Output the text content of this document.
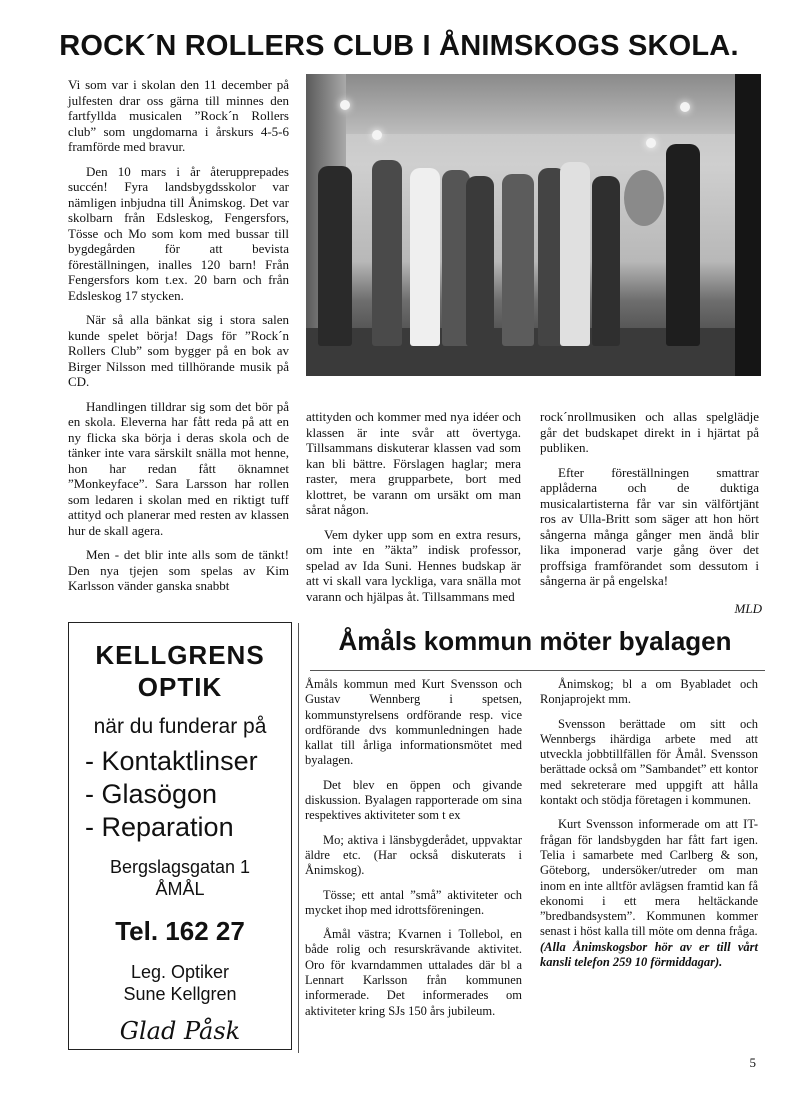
ROCK´N ROLLERS CLUB I ÅNIMSKOGS SKOLA.

Vi som var i skolan den 11 december på julfesten drar oss gärna till minnes den fartfyllda musicalen ”Rock´n Rollers club” som ungdomarna i årskurs 4-5-6 framförde med bravur.

Den 10 mars i år återupprepades succén! Fyra landsbygdsskolor var nämligen inbjudna till Ånimskog. Det var skolbarn från Edsleskog, Fengersfors, Tösse och Mo som kom med bussar till bygdegården för att bevista föreställningen, inalles 120 barn! Från Fengersfors kom t.ex. 20 barn och från Edsleskog 17 stycken.

När så alla bänkat sig i stora salen kunde spelet börja! Dags för ”Rock´n Rollers Club” som bygger på en bok av Birger Nilsson med tillhörande musik på CD.

Handlingen tilldrar sig som det bör på en skola. Eleverna har fått reda på att en ny flicka ska börja i deras skola och de tänker inte vara särskilt snälla mot henne, hon har redan fått öknamnet ”Monkeyface”. Sara Larsson har rollen som ledaren i skolan med en riktigt tuff attityd och planerar med resten av klassen hur de skall agera.

Men - det blir inte alls som de tänkt! Den nya tjejen som spelas av Kim Karlsson vänder ganska snabbt

attityden och kommer med nya idéer och klassen är inte svår att övertyga. Tillsammans diskuterar klassen vad som kan bli bättre. Förslagen haglar; mera raster, mera grupparbete, bort med klottret, be varann om ursäkt om man sårat någon.

Vem dyker upp som en extra resurs, om inte en ”äkta” indisk professor, spelad av Ida Suni. Hennes budskap är att vi skall vara lyckliga, vara snälla mot varann och hjälpas åt. Tillsammans med

rock´nrollmusiken och allas spelglädje går det budskapet direkt in i hjärtat på publiken.

Efter föreställningen smattrar applåderna och de duktiga musicalartisterna får var sin välförtjänt ros av Ulla-Britt som säger att hon hört sångerna många gånger men ändå blir lika imponerad varje gång över det proffsiga framförandet som dessutom i sångerna är på engelska!

MLD
KELLGRENS
OPTIK
när du funderar på
- Kontaktlinser
- Glasögon
- Reparation
Bergslagsgatan 1
ÅMÅL
Tel. 162 27
Leg. Optiker
Sune Kellgren
Glad Påsk
Åmåls kommun möter byalagen

Åmåls kommun med Kurt Svensson och Gustav Wennberg i spetsen, kommunstyrelsens ordförande resp. vice ordförande dvs kommunledningen hade kallat till årliga informationsmötet med byalagen.

Det blev en öppen och givande diskussion. Byalagen rapporterade om sina respektives aktiviteter som t ex

Mo; aktiva i länsbygderådet, uppvaktar äldre etc. (Har också diskuterats i Ånimskog).

Tösse; ett antal ”små” aktiviteter och mycket ihop med idrottsföreningen.

Åmål västra; Kvarnen i Tollebol, en både rolig och resurskrävande aktivitet. Oro för kvarndammen uttalades där bl a Lennart Karlsson från kommunen informerade. Det informerades om aktiviteter kring SJs 150 års jubileum.

Ånimskog; bl a om Byabladet och Ronjaprojekt mm.

Svensson berättade om sitt och Wennbergs ihärdiga arbete med att utveckla jobbtillfällen för Åmål. Svensson berättade också om ”Sambandet” ett kontor med sekreterare med uppgift att hålla kontakt och stödja företagen i kommunen.

Kurt Svensson informerade om att IT-frågan för landsbygden har fått fart igen. Telia i samarbete med Carlberg & son, Göteborg, undersöker/utreder om man inom en inte alltför avlägsen framtid kan få ekonomi i ett mera heltäckande ”bredbandsystem”. Kommunen kommer senast i höst kalla till möte om denna fråga.

(Alla Ånimskogsbor hör av er till vårt kansli telefon 259 10 förmiddagar).

5
